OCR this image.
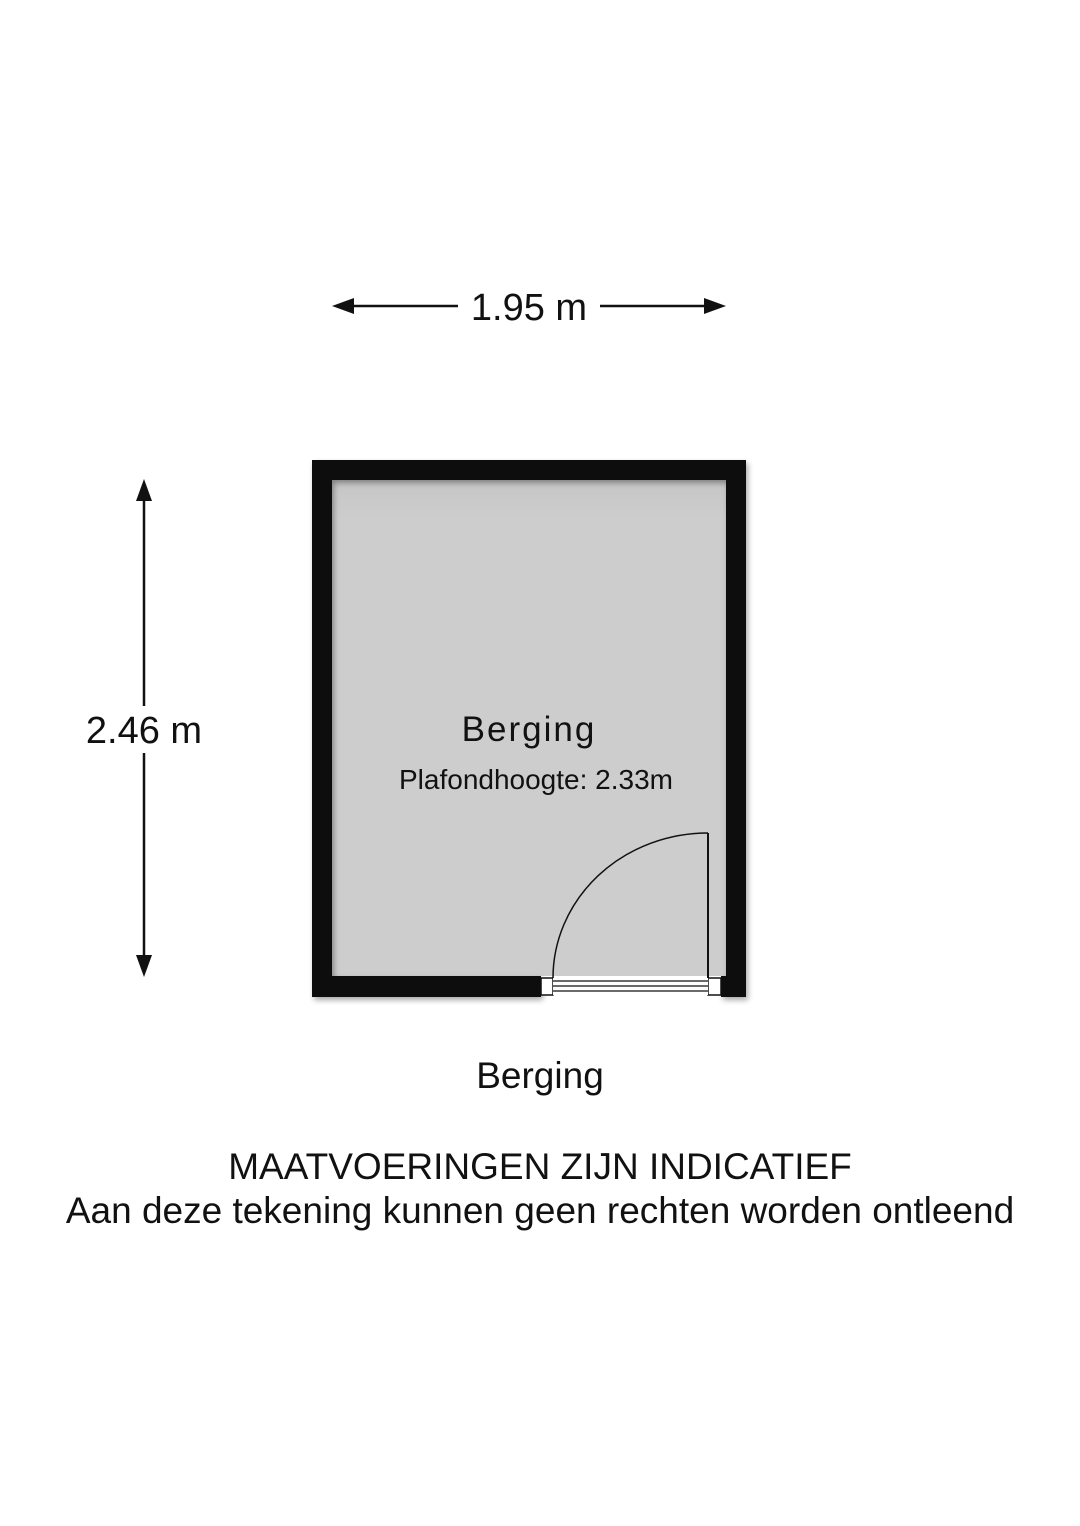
1.95 m
2.46 m	Berging
Plafondhoogte: 2.33m

Berging

MAATVOERINGEN ZIJN INDICATIEF

Aan deze tekening kunnen geen rechten worden ontleend
